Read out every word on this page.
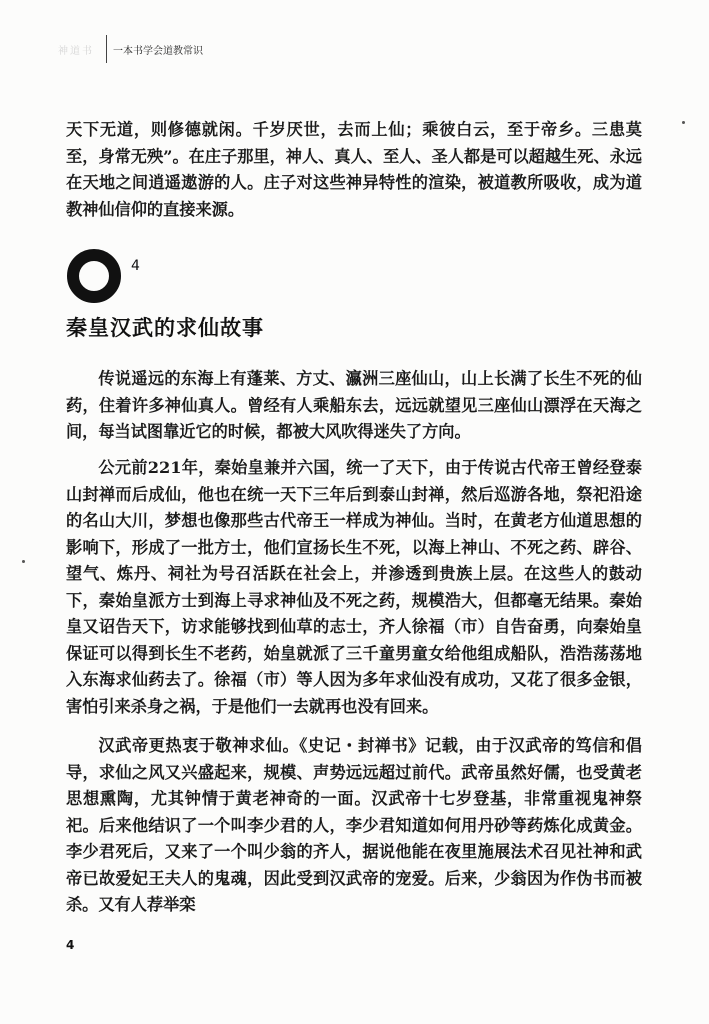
神道书 一本书学会道教常识

天下无道，则修德就闲。千岁厌世，去而上仙；乘彼白云，至于帝乡。三患莫至，身常无殃”。在庄子那里，神人、真人、至人、圣人都是可以超越生死、永远在天地之间逍遥遨游的人。庄子对这些神异特性的渲染，被道教所吸收，成为道教神仙信仰的直接来源。

4
秦皇汉武的求仙故事

传说遥远的东海上有蓬莱、方丈、瀛洲三座仙山，山上长满了长生不死的仙药，住着许多神仙真人。曾经有人乘船东去，远远就望见三座仙山漂浮在天海之间，每当试图靠近它的时候，都被大风吹得迷失了方向。

公元前221年，秦始皇兼并六国，统一了天下，由于传说古代帝王曾经登泰山封禅而后成仙，他也在统一天下三年后到泰山封禅，然后巡游各地，祭祀沿途的名山大川，梦想也像那些古代帝王一样成为神仙。当时，在黄老方仙道思想的影响下，形成了一批方士，他们宣扬长生不死，以海上神山、不死之药、辟谷、望气、炼丹、祠社为号召活跃在社会上，并渗透到贵族上层。在这些人的鼓动下，秦始皇派方士到海上寻求神仙及不死之药，规模浩大，但都毫无结果。秦始皇又诏告天下，访求能够找到仙草的志士，齐人徐福（市）自告奋勇，向秦始皇保证可以得到长生不老药，始皇就派了三千童男童女给他组成船队，浩浩荡荡地入东海求仙药去了。徐福（市）等人因为多年求仙没有成功，又花了很多金银，害怕引来杀身之祸，于是他们一去就再也没有回来。

汉武帝更热衷于敬神求仙。《史记・封禅书》记载，由于汉武帝的笃信和倡导，求仙之风又兴盛起来，规模、声势远远超过前代。武帝虽然好儒，也受黄老思想熏陶，尤其钟情于黄老神奇的一面。汉武帝十七岁登基，非常重视鬼神祭祀。后来他结识了一个叫李少君的人，李少君知道如何用丹砂等药炼化成黄金。李少君死后，又来了一个叫少翁的齐人，据说他能在夜里施展法术召见社神和武帝已故爱妃王夫人的鬼魂，因此受到汉武帝的宠爱。后来，少翁因为作伪书而被杀。又有人荐举栾

4
